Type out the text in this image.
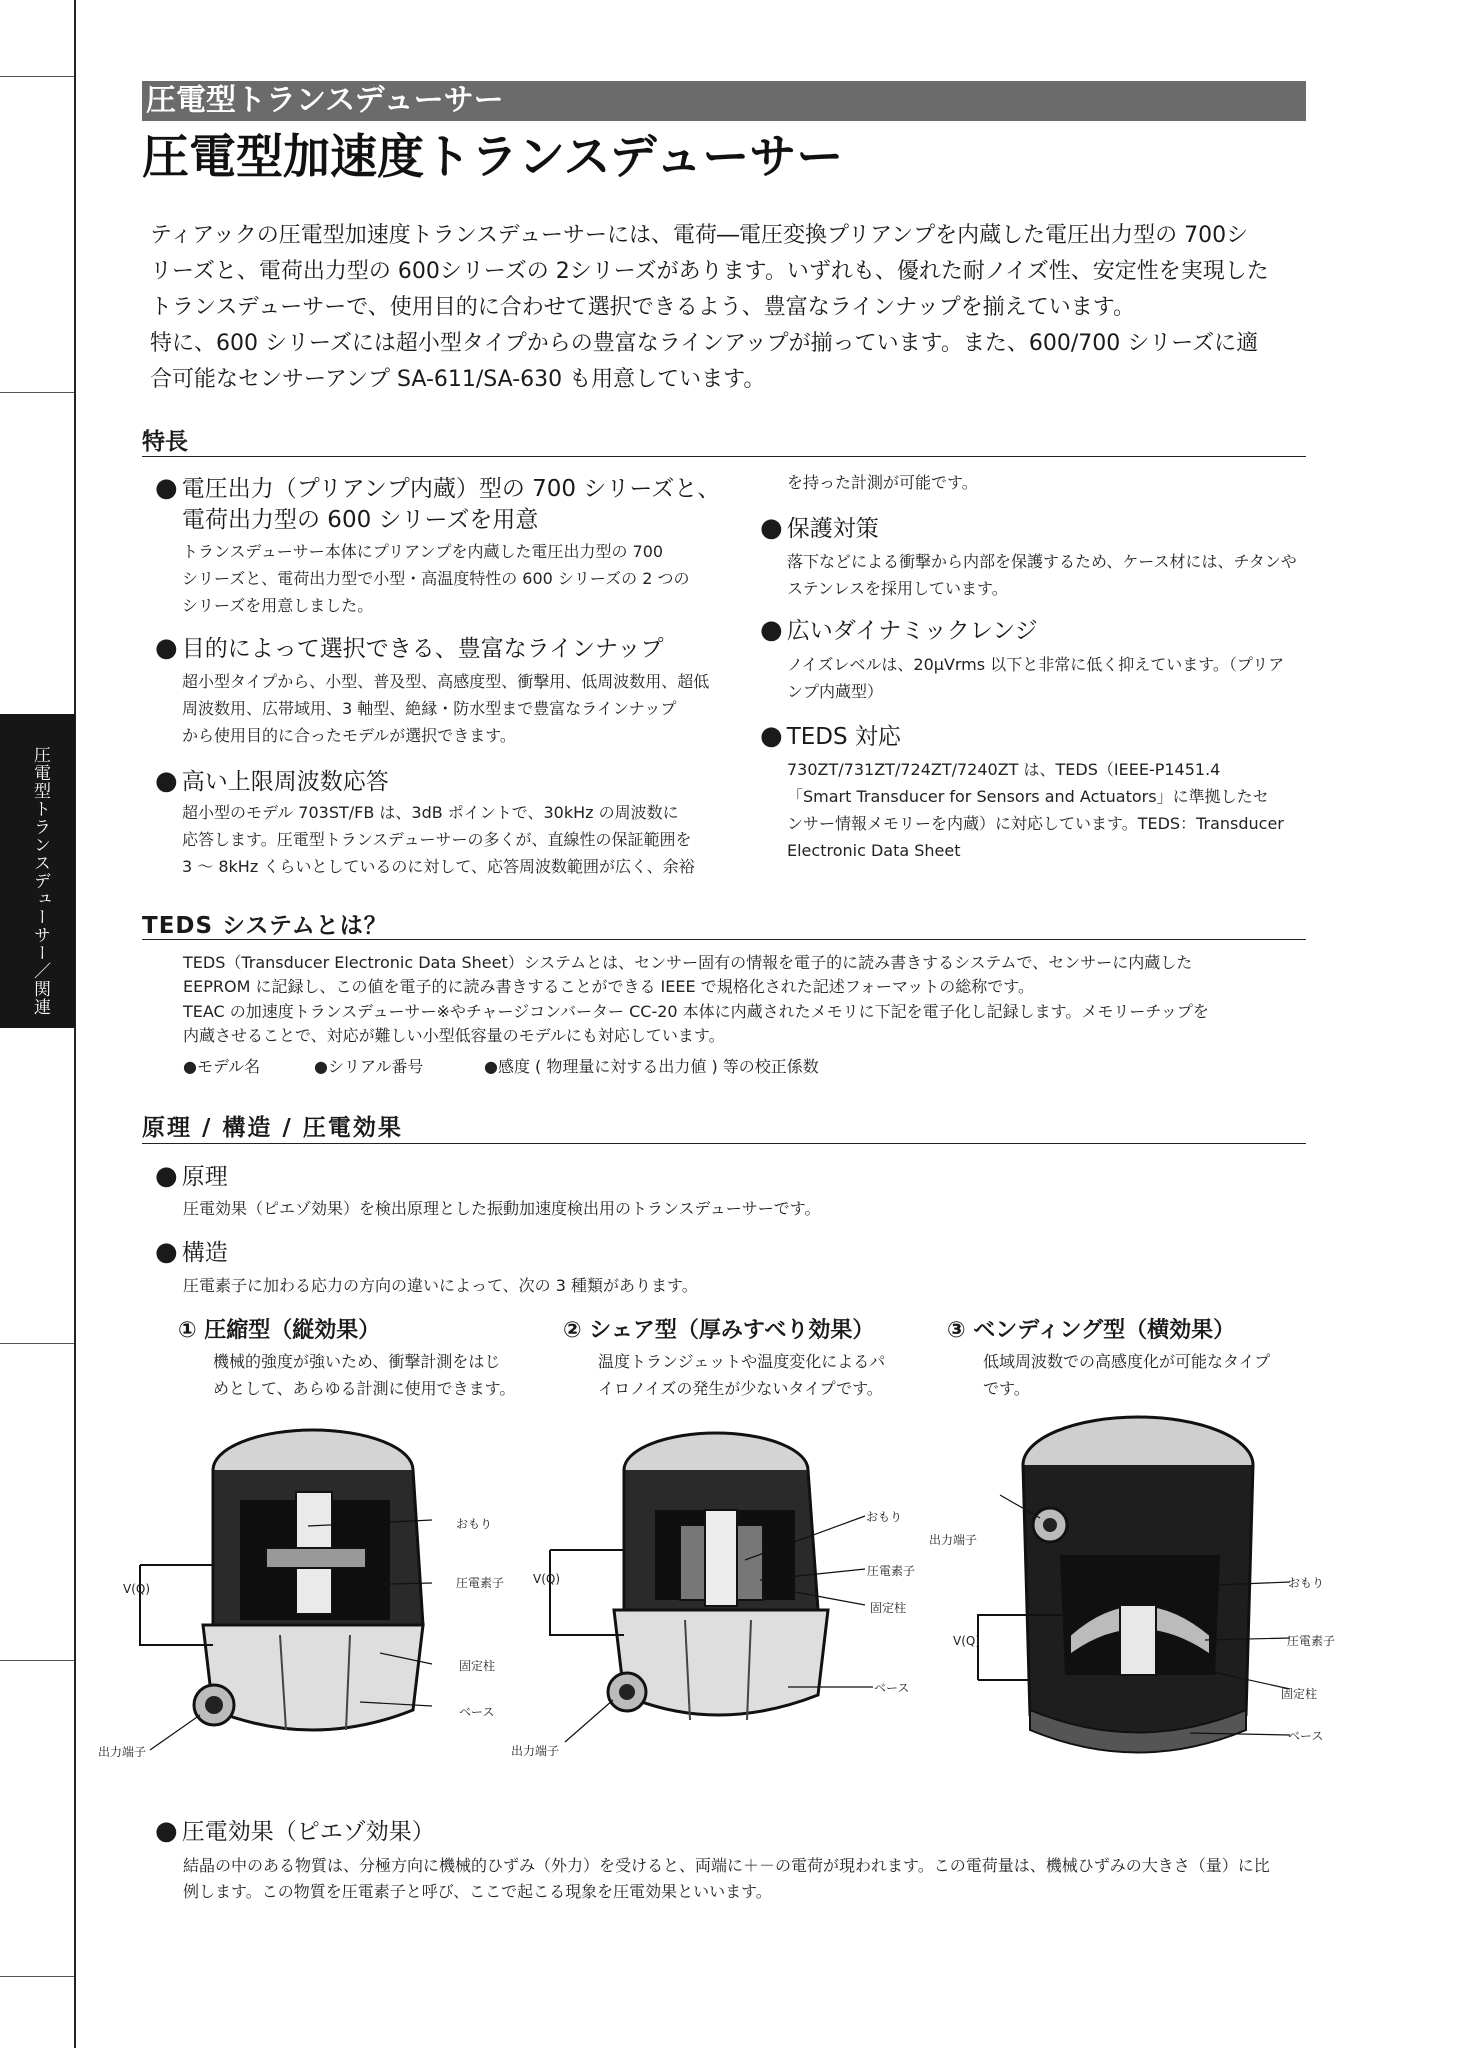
圧電型トランスデューサー／関連
圧電型トランスデューサー
圧電型加速度トランスデューサー
ティアックの圧電型加速度トランスデューサーには、電荷―電圧変換プリアンプを内蔵した電圧出力型の 700シ
リーズと、電荷出力型の 600シリーズの 2シリーズがあります。いずれも、優れた耐ノイズ性、安定性を実現した
トランスデューサーで、使用目的に合わせて選択できるよう、豊富なラインナップを揃えています。
特に、600 シリーズには超小型タイプからの豊富なラインアップが揃っています。また、600/700 シリーズに適
合可能なセンサーアンプ SA-611/SA-630 も用意しています。
特長
● 電圧出力（プリアンプ内蔵）型の 700 シリーズと、
電荷出力型の 600 シリーズを用意
トランスデューサー本体にプリアンプを内蔵した電圧出力型の 700
シリーズと、電荷出力型で小型・高温度特性の 600 シリーズの 2 つの
シリーズを用意しました。
● 目的によって選択できる、豊富なラインナップ
超小型タイプから、小型、普及型、高感度型、衝撃用、低周波数用、超低
周波数用、広帯域用、3 軸型、絶縁・防水型まで豊富なラインナップ
から使用目的に合ったモデルが選択できます。
● 高い上限周波数応答
超小型のモデル 703ST/FB は、3dB ポイントで、30kHz の周波数に
応答します。圧電型トランスデューサーの多くが、直線性の保証範囲を
3 ～ 8kHz くらいとしているのに対して、応答周波数範囲が広く、余裕
を持った計測が可能です。
● 保護対策
落下などによる衝撃から内部を保護するため、ケース材には、チタンや
ステンレスを採用しています。
● 広いダイナミックレンジ
ノイズレベルは、20μVrms 以下と非常に低く抑えています。（プリア
ンプ内蔵型）
● TEDS 対応
730ZT/731ZT/724ZT/7240ZT は、TEDS（IEEE-P1451.4
「Smart Transducer for Sensors and Actuators」に準拠したセ
ンサー情報メモリーを内蔵）に対応しています。TEDS：Transducer
Electronic Data Sheet
TEDS システムとは？
TEDS（Transducer Electronic Data Sheet）システムとは、センサー固有の情報を電子的に読み書きするシステムで、センサーに内蔵した
EEPROM に記録し、この値を電子的に読み書きすることができる IEEE で規格化された記述フォーマットの総称です。
TEAC の加速度トランスデューサー※やチャージコンバーター CC-20 本体に内蔵されたメモリに下記を電子化し記録します。メモリーチップを
内蔵させることで、対応が難しい小型低容量のモデルにも対応しています。
●モデル名	●シリアル番号	●感度 ( 物理量に対する出力値 ) 等の校正係数
原理 / 構造 / 圧電効果
● 原理
圧電効果（ピエゾ効果）を検出原理とした振動加速度検出用のトランスデューサーです。
● 構造
圧電素子に加わる応力の方向の違いによって、次の 3 種類があります。
① 圧縮型（縦効果）
機械的強度が強いため、衝撃計測をはじ
めとして、あらゆる計測に使用できます。
② シェア型（厚みすべり効果）
温度トランジェットや温度変化によるパ
イロノイズの発生が少ないタイプです。
③ ベンディング型（横効果）
低域周波数での高感度化が可能なタイプ
です。
おもり
圧電素子
V(Q)
固定柱
ベース
出力端子
おもり
圧電素子
V(Q)
固定柱
ベース
出力端子
おもり
圧電素子
V(Q)
固定柱
ベース
出力端子
● 圧電効果（ピエゾ効果）
結晶の中のある物質は、分極方向に機械的ひずみ（外力）を受けると、両端に＋－の電荷が現われます。この電荷量は、機械ひずみの大きさ（量）に比
例します。この物質を圧電素子と呼び、ここで起こる現象を圧電効果といいます。
